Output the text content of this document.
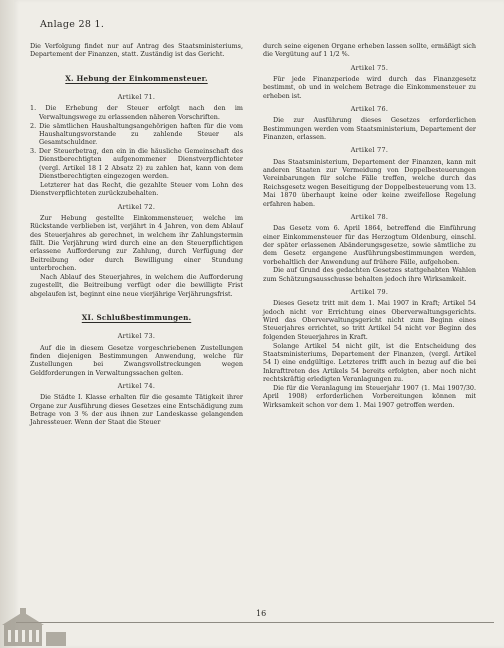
Anlage 28 1.

Die Verfolgung findet nur auf Antrag des Staatsministeriums, Departement der Finanzen, statt. Zuständig ist das Gericht.

X. Hebung der Einkommensteuer.
Artikel 71.

1. Die Erhebung der Steuer erfolgt nach den im Verwaltungswege zu erlassenden näheren Vorschriften.

2. Die sämtlichen Haushaltungsangehörigen haften für die vom Haushaltungsvorstande zu zahlende Steuer als Gesamtschuldner.

3. Der Steuerbetrag, den ein in die häusliche Gemeinschaft des Dienstberechtigten aufgenommener Dienstverpflichteter (vergl. Artikel 18 I 2 Absatz 2) zu zahlen hat, kann von dem Dienstberechtigten eingezogen werden.

Letzterer hat das Recht, die gezahlte Steuer vom Lohn des Dienstverpflichteten zurückzubehalten.

Artikel 72.

Zur Hebung gestellte Einkommensteuer, welche im Rückstande verblieben ist, verjährt in 4 Jahren, von dem Ablauf des Steuerjahres ab gerechnet, in welchem ihr Zahlungstermin fällt. Die Verjährung wird durch eine an den Steuerpflichtigen erlassene Aufforderung zur Zahlung, durch Verfügung der Beitreibung oder durch Bewilligung einer Stundung unterbrochen.

Nach Ablauf des Steuerjahres, in welchem die Aufforderung zugestellt, die Beitreibung verfügt oder die bewilligte Frist abgelaufen ist, beginnt eine neue vierjährige Verjährungsfrist.

XI. Schlußbestimmungen.
Artikel 73.

Auf die in diesem Gesetze vorgeschriebenen Zustellungen finden diejenigen Bestimmungen Anwendung, welche für Zustellungen bei Zwangsvollstreckungen wegen Geldforderungen in Verwaltungssachen gelten.

Artikel 74.

Die Städte I. Klasse erhalten für die gesamte Tätigkeit ihrer Organe zur Ausführung dieses Gesetzes eine Entschädigung zum Betrage von 3 % der aus ihnen zur Landeskasse gelangenden Jahressteuer. Wenn der Staat die Steuer

durch seine eigenen Organe erheben lassen sollte, ermäßigt sich die Vergütung auf 1 1/2 %.

Artikel 75.

Für jede Finanzperiode wird durch das Finanzgesetz bestimmt, ob und in welchem Betrage die Einkommensteuer zu erheben ist.

Artikel 76.

Die zur Ausführung dieses Gesetzes erforderlichen Bestimmungen werden vom Staatsministerium, Departement der Finanzen, erlassen.

Artikel 77.

Das Staatsministerium, Departement der Finanzen, kann mit anderen Staaten zur Vermeidung von Doppelbesteuerungen Vereinbarungen für solche Fälle treffen, welche durch das Reichsgesetz wegen Beseitigung der Doppelbesteuerung vom 13. Mai 1870 überhaupt keine oder keine zweifellose Regelung erfahren haben.

Artikel 78.

Das Gesetz vom 6. April 1864, betreffend die Einführung einer Einkommensteuer für das Herzogtum Oldenburg, einschl. der später erlassenen Abänderungsgesetze, sowie sämtliche zu dem Gesetz ergangene Ausführungsbestimmungen werden, vorbehaltlich der Anwendung auf frühere Fälle, aufgehoben.

Die auf Grund des gedachten Gesetzes stattgehabten Wahlen zum Schätzungsausschusse behalten jedoch ihre Wirksamkeit.

Artikel 79.

Dieses Gesetz tritt mit dem 1. Mai 1907 in Kraft; Artikel 54 jedoch nicht vor Errichtung eines Oberverwaltungsgerichts. Wird das Oberverwaltungsgericht nicht zum Beginn eines Steuerjahres errichtet, so tritt Artikel 54 nicht vor Beginn des folgenden Steuerjahres in Kraft.

Solange Artikel 54 nicht gilt, ist die Entscheidung des Staatsministeriums, Departement der Finanzen, (vergl. Artikel 54 I) eine endgültige. Letzteres trifft auch in bezug auf die bei Inkrafttreten des Artikels 54 bereits erfolgten, aber noch nicht rechtskräftig erledigten Veranlagungen zu.

Die für die Veranlagung im Steuerjahr 1907 (1. Mai 1907/30. April 1908) erforderlichen Vorbereitungen können mit Wirksamkeit schon vor dem 1. Mai 1907 getroffen werden.

16
